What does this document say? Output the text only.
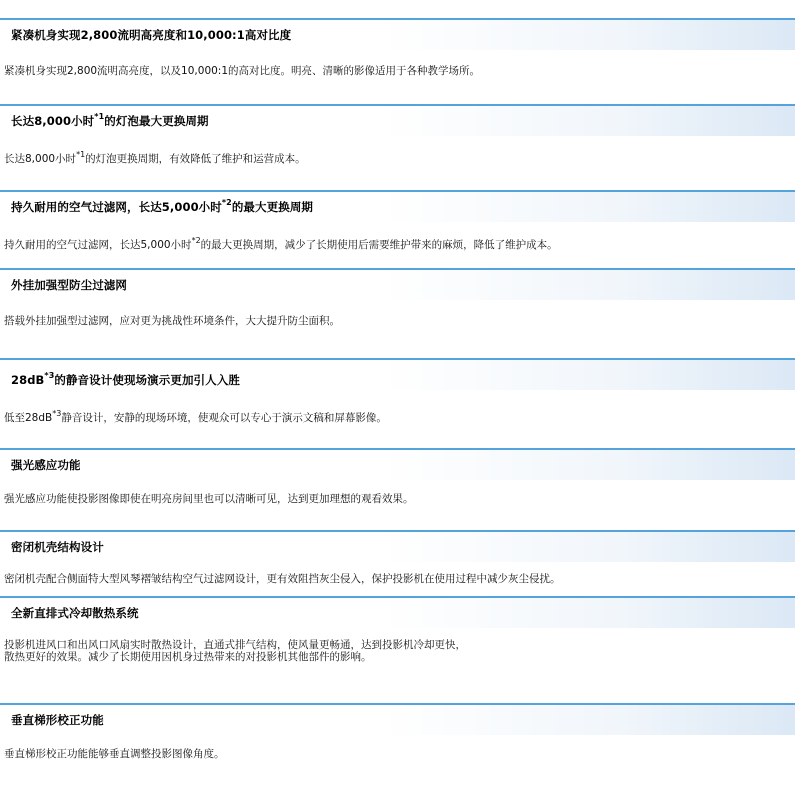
紧凑机身实现2,800流明高亮度和10,000:1高对比度
紧凑机身实现2,800流明高亮度，以及10,000:1的高对比度。明亮、清晰的影像适用于各种教学场所。
长达8,000小时$^{*1}$的灯泡最大更换周期
长达8,000小时$^{*1}$的灯泡更换周期，有效降低了维护和运营成本。
持久耐用的空气过滤网，长达5,000小时$^{*2}$的最大更换周期
持久耐用的空气过滤网，长达5,000小时$^{*2}$的最大更换周期，减少了长期使用后需要维护带来的麻烦，降低了维护成本。
外挂加强型防尘过滤网
搭载外挂加强型过滤网，应对更为挑战性环境条件，大大提升防尘面积。
$28dB^{*3}$的静音设计使现场演示更加引人入胜
低至$28dB^{*3}$静音设计，安静的现场环境，使观众可以专心于演示文稿和屏幕影像。
强光感应功能
强光感应功能使投影图像即使在明亮房间里也可以清晰可见，达到更加理想的观看效果。
密闭机壳结构设计
密闭机壳配合侧面特大型风琴褶皱结构空气过滤网设计，更有效阻挡灰尘侵入，保护投影机在使用过程中减少灰尘侵扰。
全新直排式冷却散热系统
投影机进风口和出风口风扇实时散热设计，直通式排气结构，使风量更畅通，达到投影机冷却更快，
散热更好的效果。减少了长期使用因机身过热带来的对投影机其他部件的影响。
垂直梯形校正功能
垂直梯形校正功能能够垂直调整投影图像角度。
